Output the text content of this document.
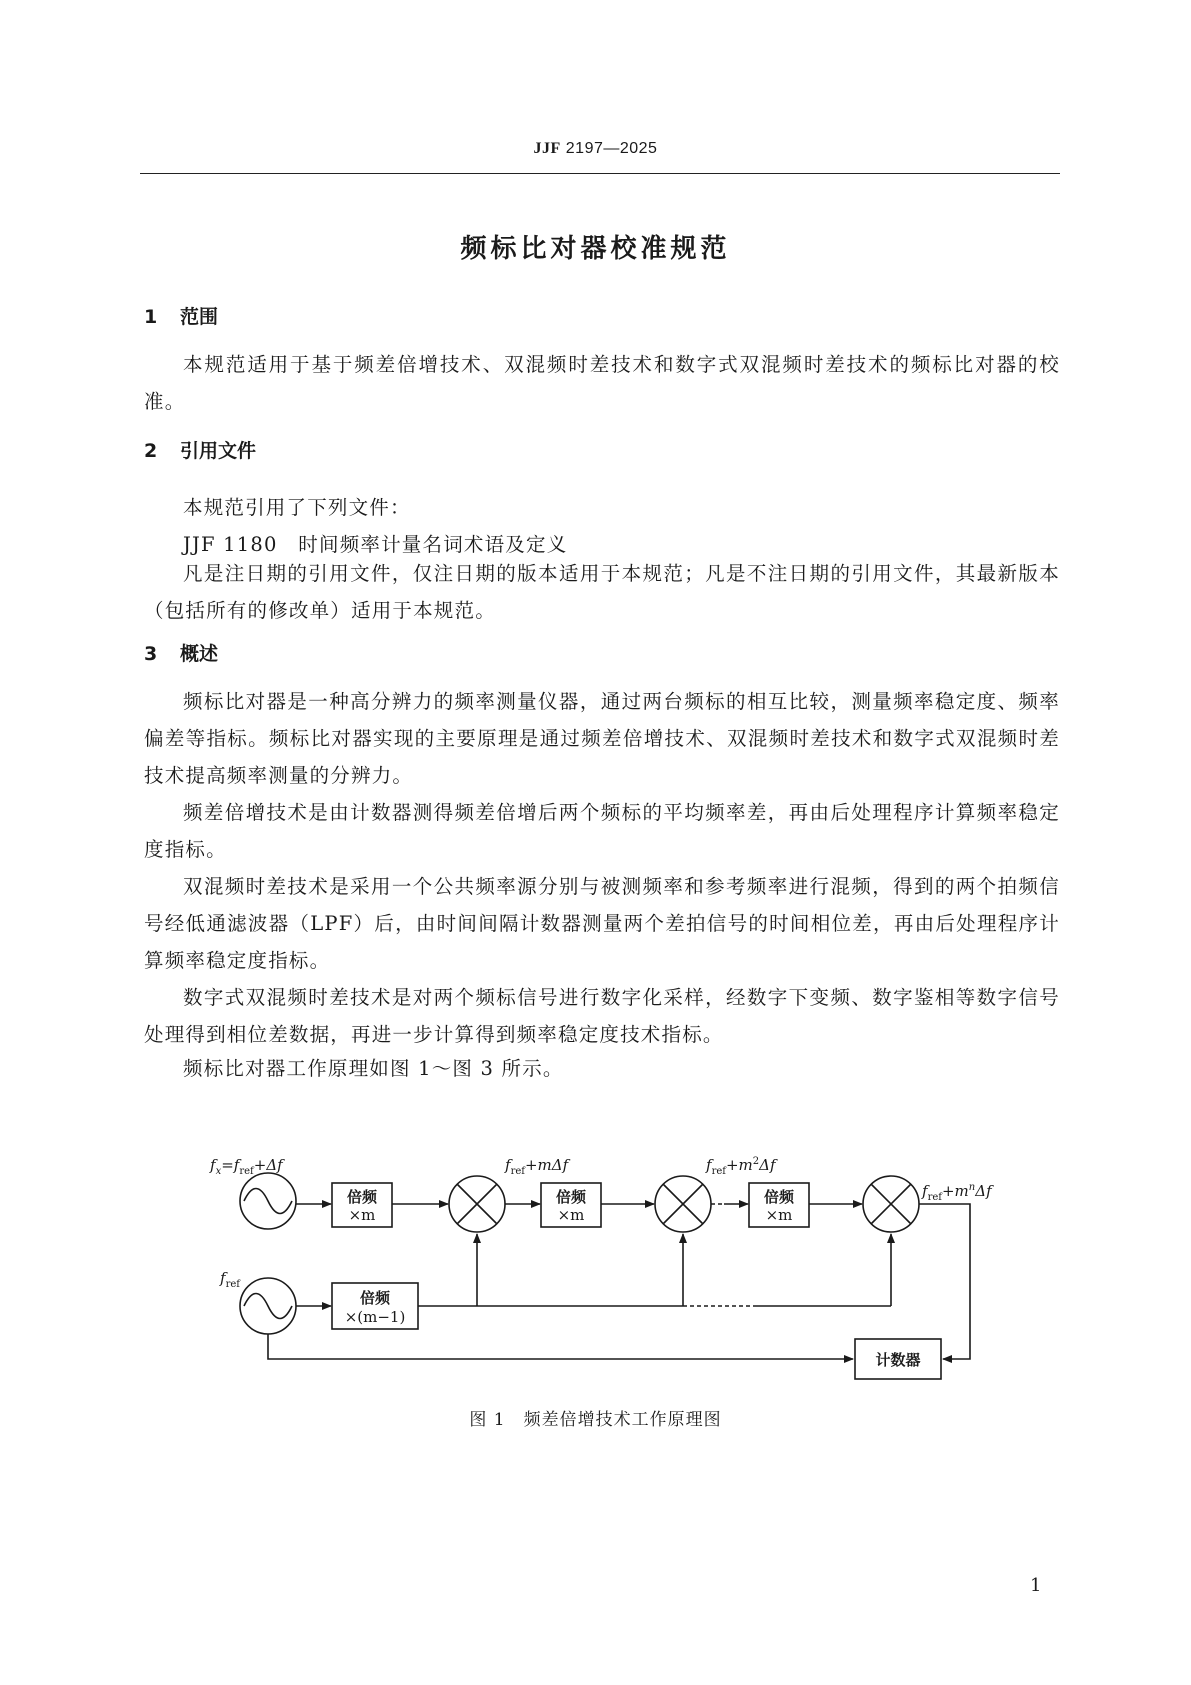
JJF 2197—2025
频标比对器校准规范
1 范围

本规范适用于基于频差倍增技术、双混频时差技术和数字式双混频时差技术的频标比对器的校准。

2 引用文件
本规范引用了下列文件：
JJF 1180　时间频率计量名词术语及定义

凡是注日期的引用文件，仅注日期的版本适用于本规范；凡是不注日期的引用文件，其最新版本（包括所有的修改单）适用于本规范。

3 概述

频标比对器是一种高分辨力的频率测量仪器，通过两台频标的相互比较，测量频率稳定度、频率偏差等指标。频标比对器实现的主要原理是通过频差倍增技术、双混频时差技术和数字式双混频时差技术提高频率测量的分辨力。

频差倍增技术是由计数器测得频差倍增后两个频标的平均频率差，再由后处理程序计算频率稳定度指标。

双混频时差技术是采用一个公共频率源分别与被测频率和参考频率进行混频，得到的两个拍频信号经低通滤波器（LPF）后，由时间间隔计数器测量两个差拍信号的时间相位差，再由后处理程序计算频率稳定度指标。

数字式双混频时差技术是对两个频标信号进行数字化采样，经数字下变频、数字鉴相等数字信号处理得到相位差数据，再进一步计算得到频率稳定度技术指标。

频标比对器工作原理如图 1～图 3 所示。
倍频
×m
倍频
×m
倍频
×m
倍频
×(m−1)
计数器
$f_x=f_{ref}+\Delta f$
$f_{ref}$
$f_{ref}+m\Delta f$	$f_{ref}+m^2\Delta f$
$f_{ref}+m^n\Delta f$
图 1　频差倍增技术工作原理图
1
